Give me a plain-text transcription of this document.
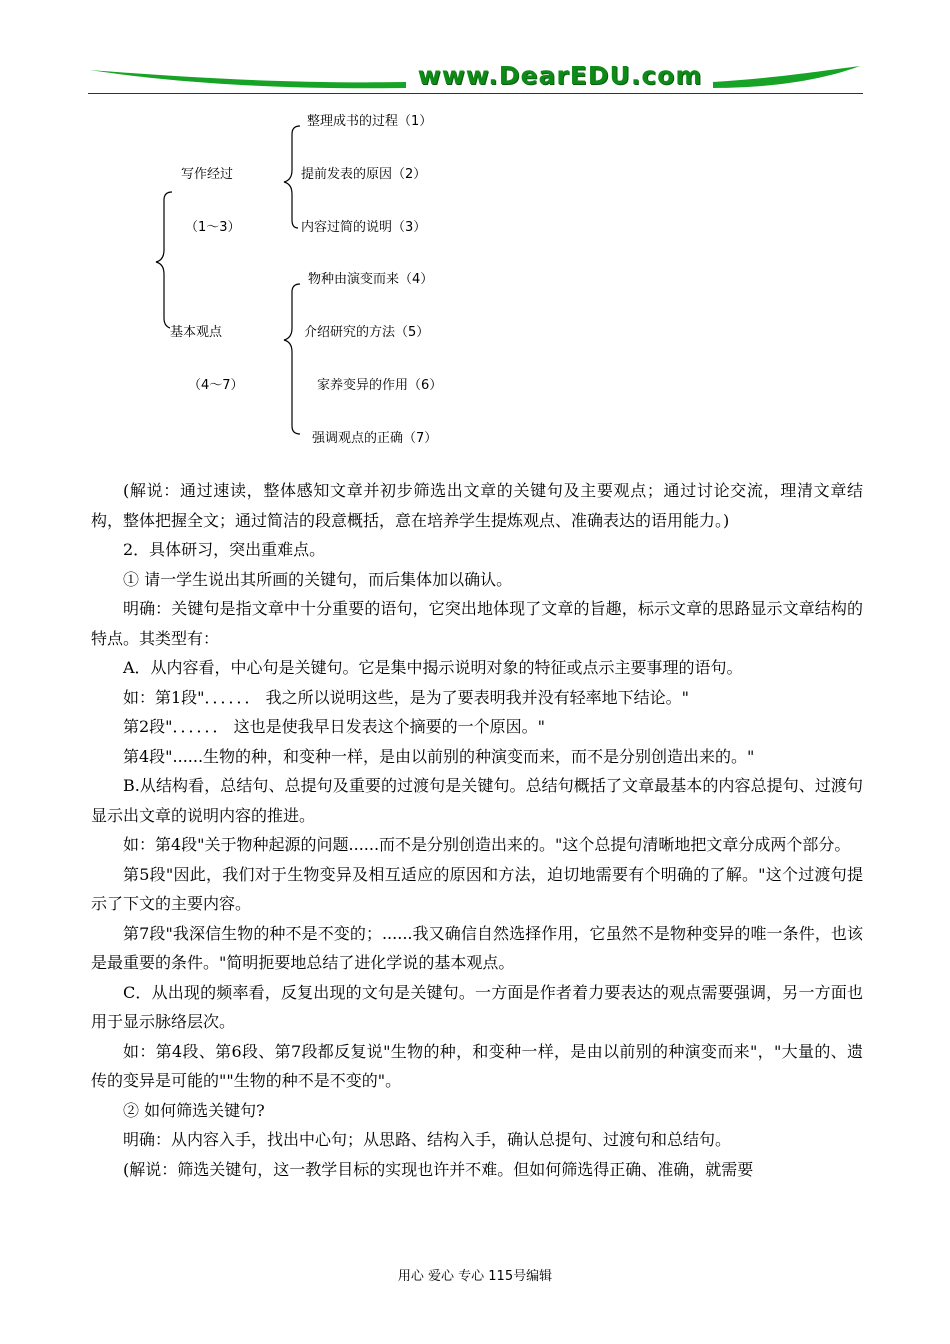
www.DearEDU.com
写作经过
（1～3）
整理成书的过程（1）
提前发表的原因（2）
内容过简的说明（3）
基本观点
（4～7）
物种由演变而来（4）
介绍研究的方法（5）
家养变异的作用（6）
强调观点的正确（7）

(解说：通过速读，整体感知文章并初步筛选出文章的关键句及主要观点；通过讨论交流，理清文章结构，整体把握全文；通过简洁的段意概括，意在培养学生提炼观点、准确表达的语用能力。)

2．具体研习，突出重难点。

① 请一学生说出其所画的关键句，而后集体加以确认。

明确：关键句是指文章中十分重要的语句，它突出地体现了文章的旨趣，标示文章的思路显示文章结构的特点。其类型有：

A．从内容看，中心句是关键句。它是集中揭示说明对象的特征或点示主要事理的语句。

如：第1段"．．．．．． 我之所以说明这些，是为了要表明我并没有轻率地下结论。"

第2段"．．．．．． 这也是使我早日发表这个摘要的一个原因。"

第4段"......生物的种，和变种一样，是由以前别的种演变而来，而不是分别创造出来的。"

B.从结构看，总结句、总提句及重要的过渡句是关键句。总结句概括了文章最基本的内容总提句、过渡句显示出文章的说明内容的推进。

如：第4段"关于物种起源的问题......而不是分别创造出来的。"这个总提句清晰地把文章分成两个部分。

第5段"因此，我们对于生物变异及相互适应的原因和方法，迫切地需要有个明确的了解。"这个过渡句提示了下文的主要内容。

第7段"我深信生物的种不是不变的；......我又确信自然选择作用，它虽然不是物种变异的唯一条件，也该是最重要的条件。"简明扼要地总结了进化学说的基本观点。

C．从出现的频率看，反复出现的文句是关键句。一方面是作者着力要表达的观点需要强调，另一方面也用于显示脉络层次。

如：第4段、第6段、第7段都反复说"生物的种，和变种一样，是由以前别的种演变而来"，"大量的、遗传的变异是可能的""生物的种不是不变的"。

② 如何筛选关键句?

明确：从内容入手，找出中心句；从思路、结构入手，确认总提句、过渡句和总结句。

(解说：筛选关键句，这一教学目标的实现也许并不难。但如何筛选得正确、准确，就需要

用心 爱心 专心 115号编辑
